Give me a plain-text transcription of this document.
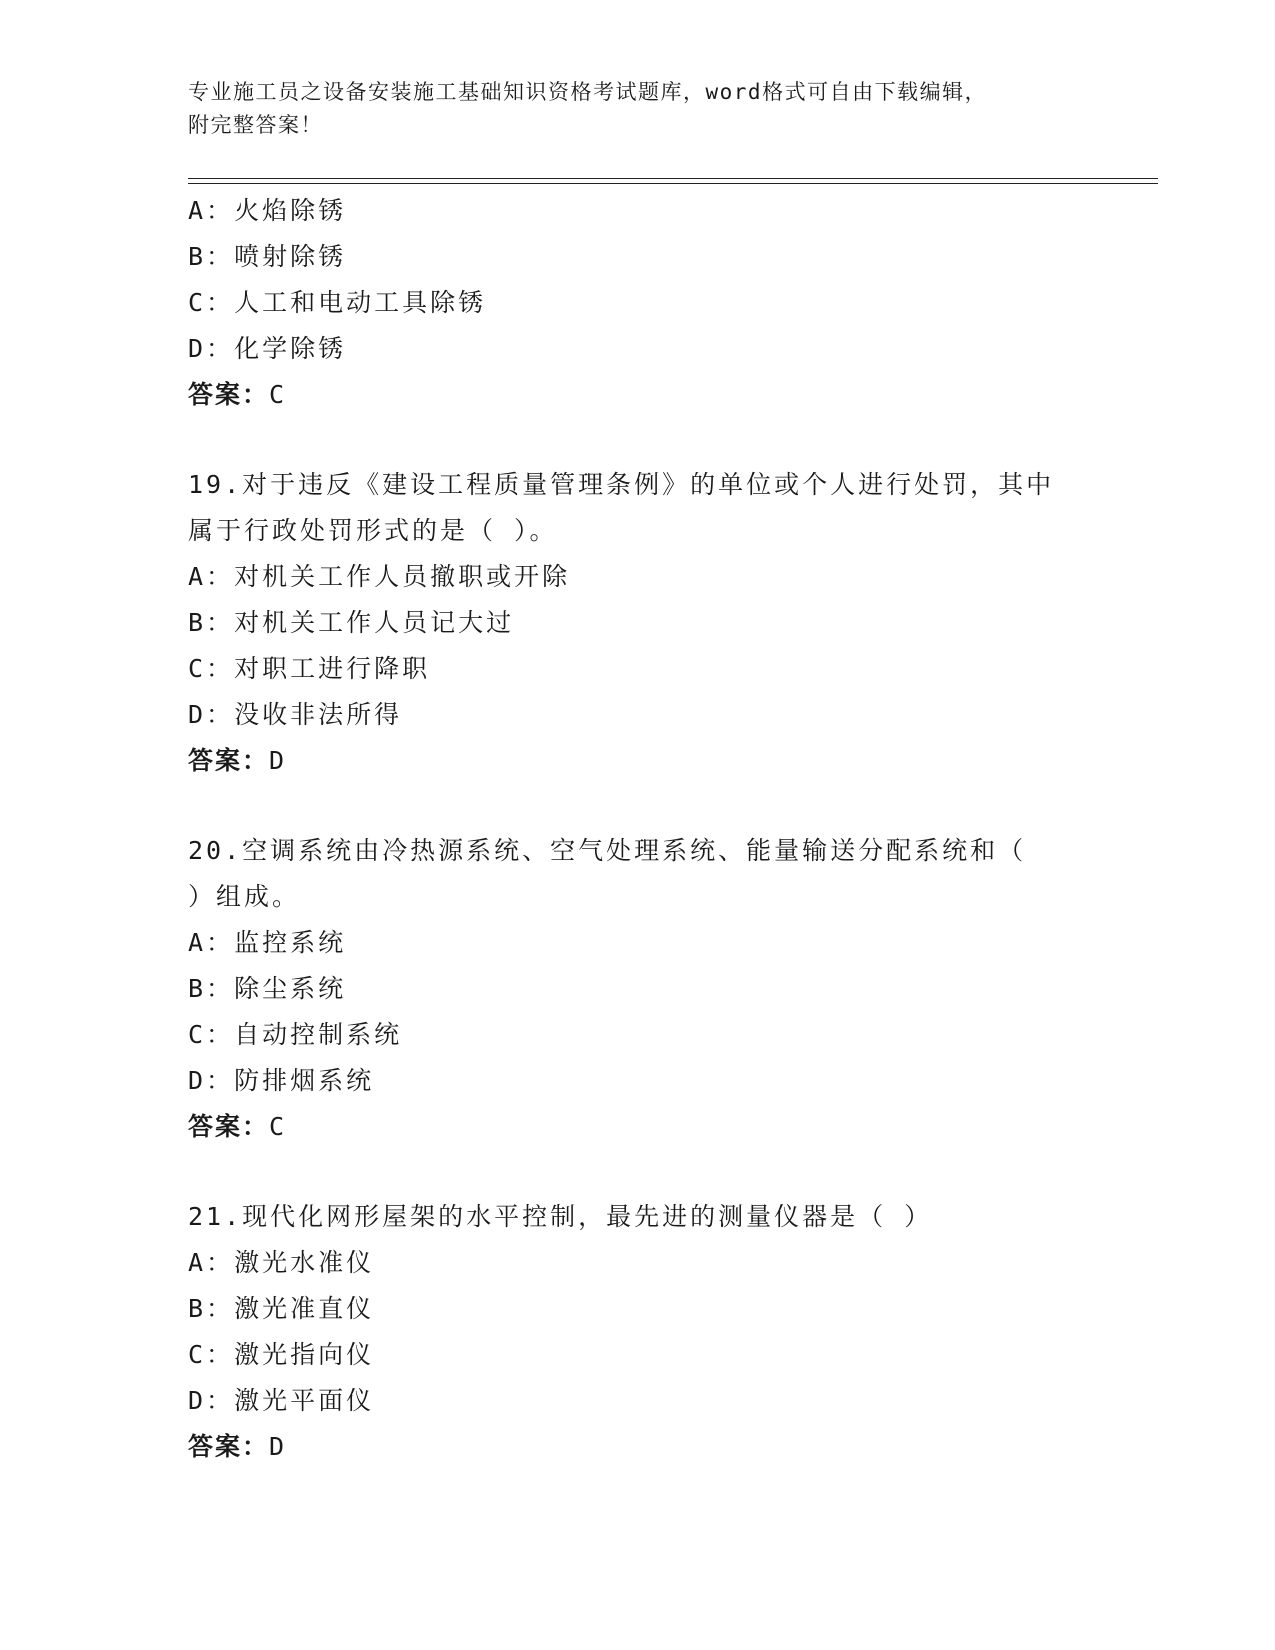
专业施工员之设备安装施工基础知识资格考试题库，word格式可自由下载编辑，
附完整答案！
A：火焰除锈
B：喷射除锈
C：人工和电动工具除锈
D：化学除锈
答案：C
19.对于违反《建设工程质量管理条例》的单位或个人进行处罚，其中
属于行政处罚形式的是（ ）。
A：对机关工作人员撤职或开除
B：对机关工作人员记大过
C：对职工进行降职
D：没收非法所得
答案：D
20.空调系统由冷热源系统、空气处理系统、能量输送分配系统和（
）组成。
A：监控系统
B：除尘系统
C：自动控制系统
D：防排烟系统
答案：C
21.现代化网形屋架的水平控制，最先进的测量仪器是（ ）
A：激光水准仪
B：激光准直仪
C：激光指向仪
D：激光平面仪
答案：D
